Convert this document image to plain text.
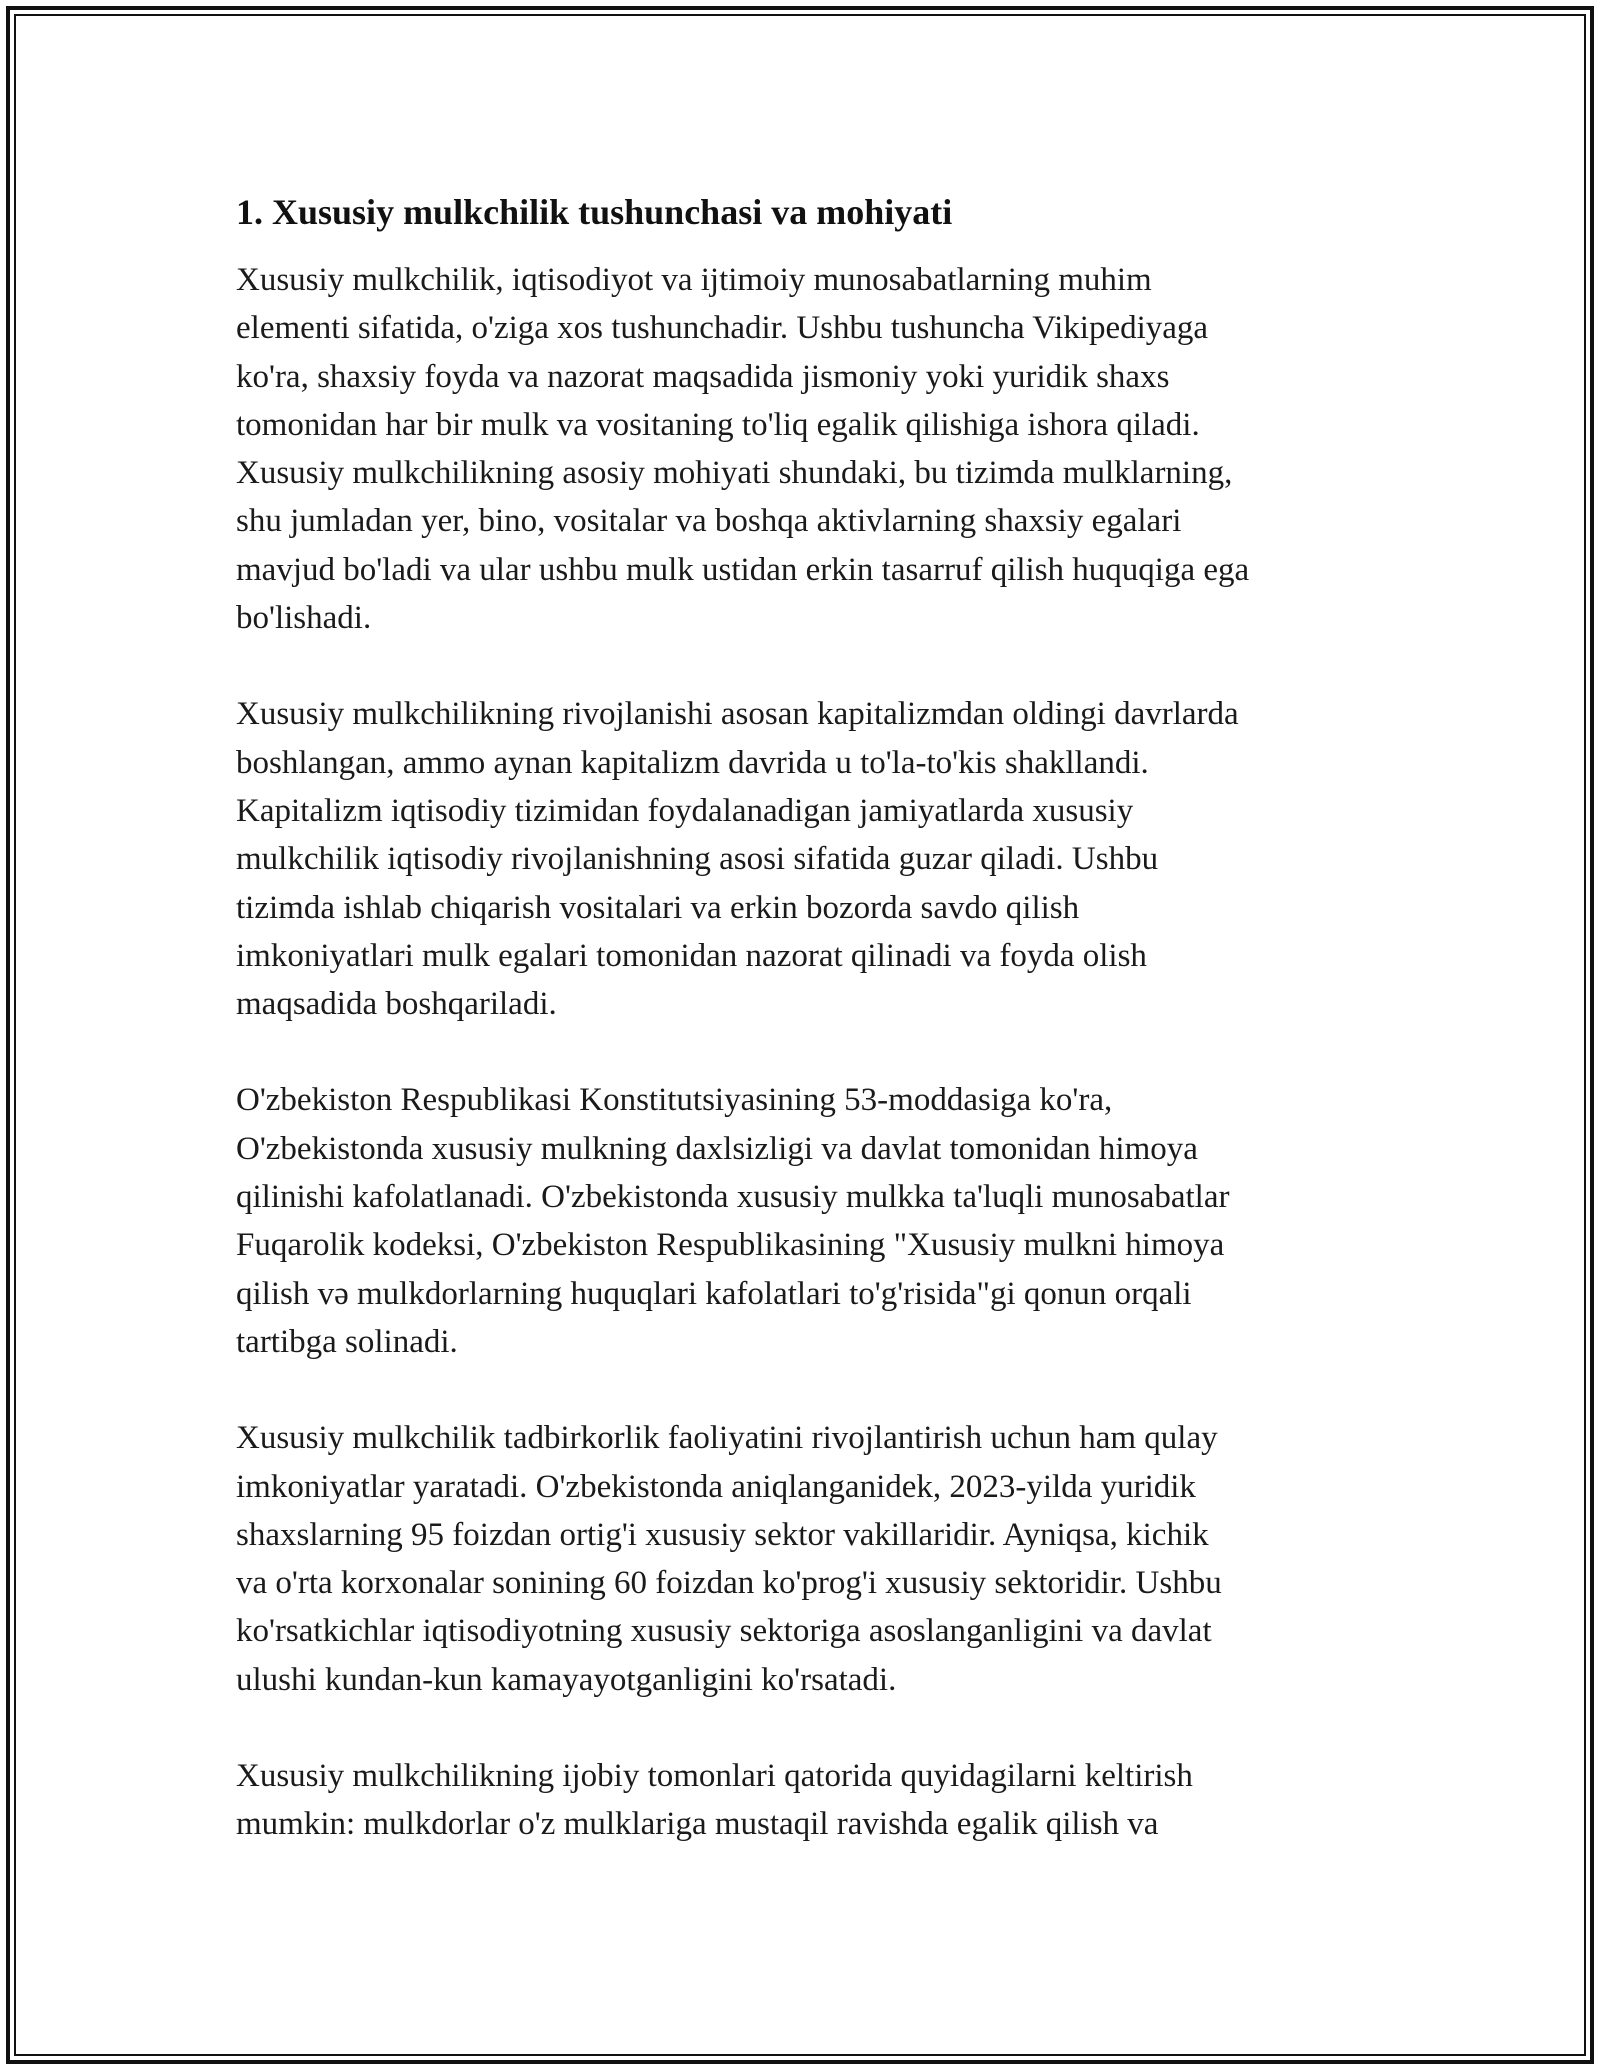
1. Xususiy mulkchilik tushunchasi va mohiyati
Xususiy mulkchilik, iqtisodiyot va ijtimoiy munosabatlarning muhim
elementi sifatida, o'ziga xos tushunchadir. Ushbu tushuncha Vikipediyaga
ko'ra, shaxsiy foyda va nazorat maqsadida jismoniy yoki yuridik shaxs
tomonidan har bir mulk va vositaning to'liq egalik qilishiga ishora qiladi.
Xususiy mulkchilikning asosiy mohiyati shundaki, bu tizimda mulklarning,
shu jumladan yer, bino, vositalar va boshqa aktivlarning shaxsiy egalari
mavjud bo'ladi va ular ushbu mulk ustidan erkin tasarruf qilish huquqiga ega
bo'lishadi.
Xususiy mulkchilikning rivojlanishi asosan kapitalizmdan oldingi davrlarda
boshlangan, ammo aynan kapitalizm davrida u to'la-to'kis shakllandi.
Kapitalizm iqtisodiy tizimidan foydalanadigan jamiyatlarda xususiy
mulkchilik iqtisodiy rivojlanishning asosi sifatida guzar qiladi. Ushbu
tizimda ishlab chiqarish vositalari va erkin bozorda savdo qilish
imkoniyatlari mulk egalari tomonidan nazorat qilinadi va foyda olish
maqsadida boshqariladi.
O'zbekiston Respublikasi Konstitutsiyasining 53-moddasiga ko'ra,
O'zbekistonda xususiy mulkning daxlsizligi va davlat tomonidan himoya
qilinishi kafolatlanadi. O'zbekistonda xususiy mulkka ta'luqli munosabatlar
Fuqarolik kodeksi, O'zbekiston Respublikasining "Xususiy mulkni himoya
qilish və mulkdorlarning huquqlari kafolatlari to'g'risida"gi qonun orqali
tartibga solinadi.
Xususiy mulkchilik tadbirkorlik faoliyatini rivojlantirish uchun ham qulay
imkoniyatlar yaratadi. O'zbekistonda aniqlanganidek, 2023-yilda yuridik
shaxslarning 95 foizdan ortig'i xususiy sektor vakillaridir. Ayniqsa, kichik
va o'rta korxonalar sonining 60 foizdan ko'prog'i xususiy sektoridir. Ushbu
ko'rsatkichlar iqtisodiyotning xususiy sektoriga asoslanganligini va davlat
ulushi kundan-kun kamayayotganligini ko'rsatadi.
Xususiy mulkchilikning ijobiy tomonlari qatorida quyidagilarni keltirish
mumkin: mulkdorlar o'z mulklariga mustaqil ravishda egalik qilish va
